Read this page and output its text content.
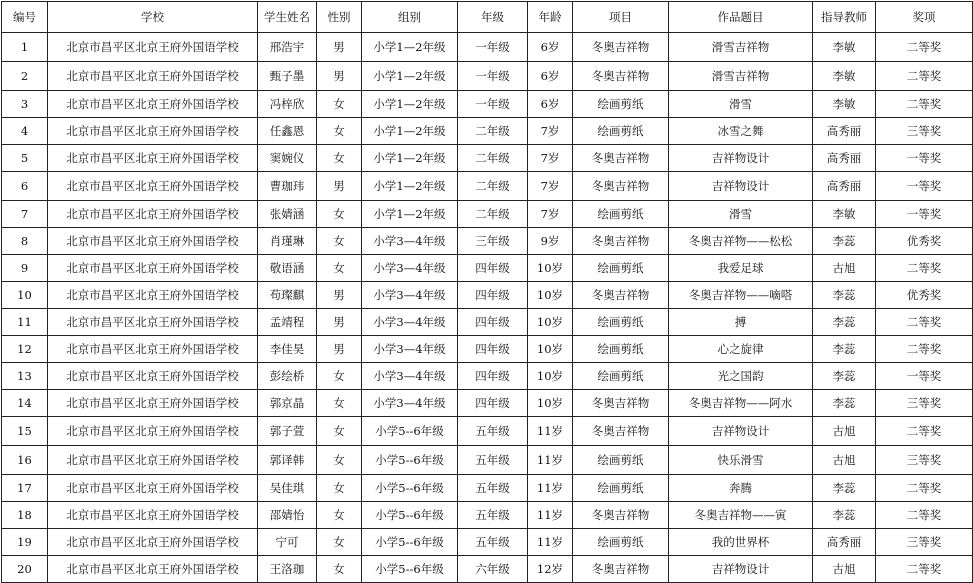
编号	学校	学生姓名	性别	组别	年级	年龄	项目	作品题目	指导教师	奖项
1	北京市昌平区北京王府外国语学校	邢浩宇	男	小学1—2年级	一年级	6岁	冬奥吉祥物	滑雪吉祥物	李敏	二等奖
2	北京市昌平区北京王府外国语学校	甄子墨	男	小学1—2年级	一年级	6岁	冬奥吉祥物	滑雪吉祥物	李敏	二等奖
3	北京市昌平区北京王府外国语学校	冯梓欣	女	小学1—2年级	一年级	6岁	绘画剪纸	滑雪	李敏	二等奖
4	北京市昌平区北京王府外国语学校	任鑫恩	女	小学1—2年级	二年级	7岁	绘画剪纸	冰雪之舞	高秀丽	三等奖
5	北京市昌平区北京王府外国语学校	窦婉仪	女	小学1—2年级	二年级	7岁	冬奥吉祥物	吉祥物设计	高秀丽	一等奖
6	北京市昌平区北京王府外国语学校	曹珈玮	男	小学1—2年级	二年级	7岁	冬奥吉祥物	吉祥物设计	高秀丽	一等奖
7	北京市昌平区北京王府外国语学校	张婧涵	女	小学1—2年级	二年级	7岁	绘画剪纸	滑雪	李敏	一等奖
8	北京市昌平区北京王府外国语学校	肖瑾琳	女	小学3—4年级	三年级	9岁	冬奥吉祥物	冬奥吉祥物——松松	李蕊	优秀奖
9	北京市昌平区北京王府外国语学校	敬语涵	女	小学3—4年级	四年级	10岁	绘画剪纸	我爱足球	古旭	二等奖
10	北京市昌平区北京王府外国语学校	苟璨麒	男	小学3—4年级	四年级	10岁	冬奥吉祥物	冬奥吉祥物——嘀嗒	李蕊	优秀奖
11	北京市昌平区北京王府外国语学校	孟靖程	男	小学3—4年级	四年级	10岁	绘画剪纸	搏	李蕊	二等奖
12	北京市昌平区北京王府外国语学校	李佳昊	男	小学3—4年级	四年级	10岁	绘画剪纸	心之旋律	李蕊	二等奖
13	北京市昌平区北京王府外国语学校	彭绘桥	女	小学3—4年级	四年级	10岁	绘画剪纸	光之国韵	李蕊	一等奖
14	北京市昌平区北京王府外国语学校	郭京晶	女	小学3—4年级	四年级	10岁	冬奥吉祥物	冬奥吉祥物——阿水	李蕊	三等奖
15	北京市昌平区北京王府外国语学校	郭子萱	女	小学5--6年级	五年级	11岁	冬奥吉祥物	吉祥物设计	古旭	二等奖
16	北京市昌平区北京王府外国语学校	郭译韩	女	小学5--6年级	五年级	11岁	绘画剪纸	快乐滑雪	古旭	三等奖
17	北京市昌平区北京王府外国语学校	吴佳琪	女	小学5--6年级	五年级	11岁	绘画剪纸	奔腾	李蕊	二等奖
18	北京市昌平区北京王府外国语学校	邵婧怡	女	小学5--6年级	五年级	11岁	冬奥吉祥物	冬奥吉祥物——寅	李蕊	二等奖
19	北京市昌平区北京王府外国语学校	宁可	女	小学5--6年级	五年级	11岁	绘画剪纸	我的世界杯	高秀丽	三等奖
20	北京市昌平区北京王府外国语学校	王洛珈	女	小学5--6年级	六年级	12岁	冬奥吉祥物	吉祥物设计	古旭	二等奖
